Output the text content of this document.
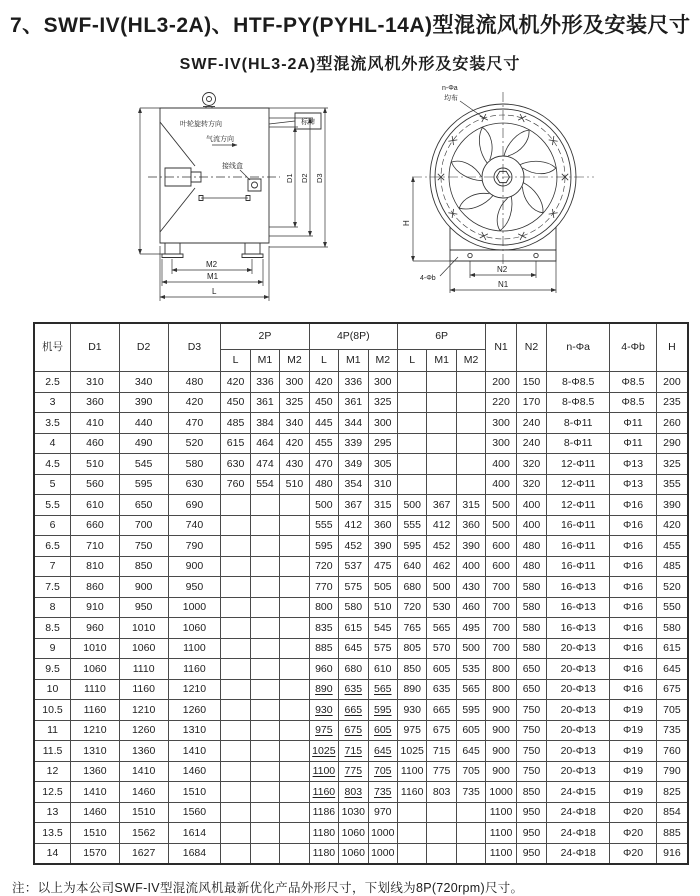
7、SWF-IV(HL3-2A)、HTF-PY(PYHL-14A)型混流风机外形及安装尺寸
SWF-IV(HL3-2A)型混流风机外形及安装尺寸
叶轮旋转方向	标牌
气流方向
接线盒
M2
M1
L
D1 D2 D3
n-Φa
均布
4-Φb
H
N2
N1
机号	D1	D2	D3	2P			4P(8P)			6P			N1	N2	n-Φa	4-Φb	H
				L	M1	M2	L	M1	M2	L	M1	M2					
2.5	310	340	480	420	336	300	420	336	300				200	150	8-Φ8.5	Φ8.5	200
3	360	390	420	450	361	325	450	361	325				220	170	8-Φ8.5	Φ8.5	235
3.5	410	440	470	485	384	340	445	344	300				300	240	8-Φ11	Φ11	260
4	460	490	520	615	464	420	455	339	295				300	240	8-Φ11	Φ11	290
4.5	510	545	580	630	474	430	470	349	305				400	320	12-Φ11	Φ13	325
5	560	595	630	760	554	510	480	354	310				400	320	12-Φ11	Φ13	355
5.5	610	650	690				500	367	315	500	367	315	500	400	12-Φ11	Φ16	390
6	660	700	740				555	412	360	555	412	360	500	400	16-Φ11	Φ16	420
6.5	710	750	790				595	452	390	595	452	390	600	480	16-Φ11	Φ16	455
7	810	850	900				720	537	475	640	462	400	600	480	16-Φ11	Φ16	485
7.5	860	900	950				770	575	505	680	500	430	700	580	16-Φ13	Φ16	520
8	910	950	1000				800	580	510	720	530	460	700	580	16-Φ13	Φ16	550
8.5	960	1010	1060				835	615	545	765	565	495	700	580	16-Φ13	Φ16	580
9	1010	1060	1100				885	645	575	805	570	500	700	580	20-Φ13	Φ16	615
9.5	1060	1110	1160				960	680	610	850	605	535	800	650	20-Φ13	Φ16	645
10	1110	1160	1210				890	635	565	890	635	565	800	650	20-Φ13	Φ16	675
10.5	1160	1210	1260				930	665	595	930	665	595	900	750	20-Φ13	Φ19	705
11	1210	1260	1310				975	675	605	975	675	605	900	750	20-Φ13	Φ19	735
11.5	1310	1360	1410				1025	715	645	1025	715	645	900	750	20-Φ13	Φ19	760
12	1360	1410	1460				1100	775	705	1100	775	705	900	750	20-Φ13	Φ19	790
12.5	1410	1460	1510				1160	803	735	1160	803	735	1000	850	24-Φ15	Φ19	825
13	1460	1510	1560				1186	1030	970				1100	950	24-Φ18	Φ20	854
13.5	1510	1562	1614				1180	1060	1000				1100	950	24-Φ18	Φ20	885
14	1570	1627	1684				1180	1060	1000				1100	950	24-Φ18	Φ20	916
注：以上为本公司SWF-IV型混流风机最新优化产品外形尺寸，下划线为8P(720rpm)尺寸。
